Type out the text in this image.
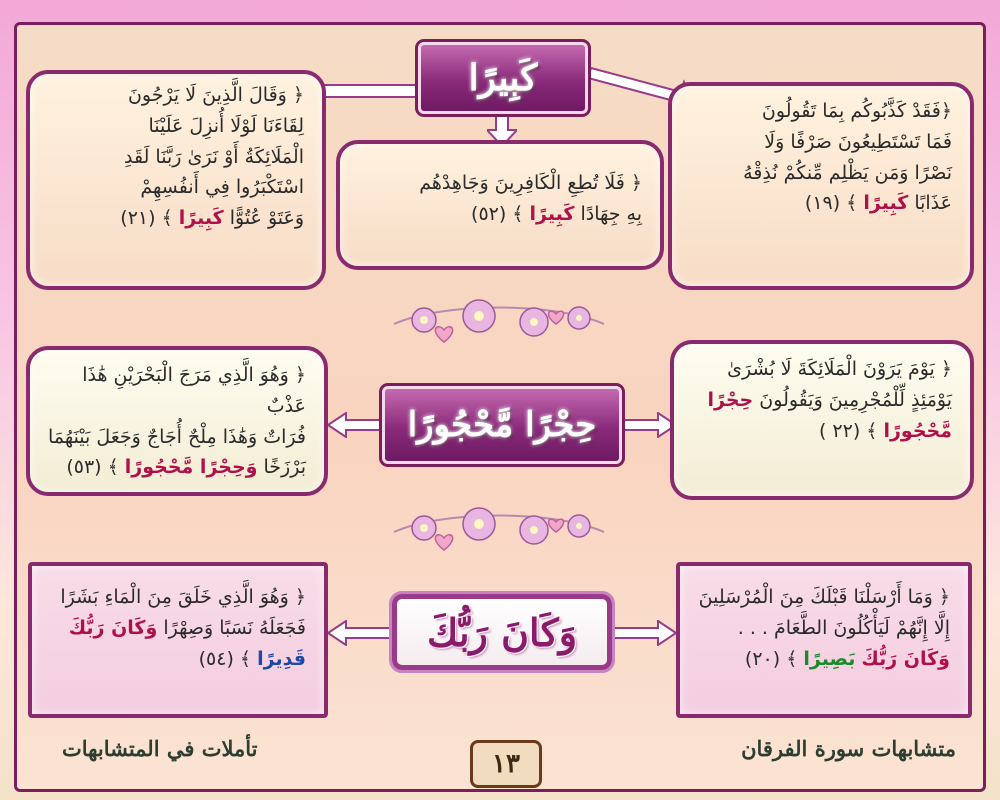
كَبِيرًا
﴿فَقَدْ كَذَّبُوكُم بِمَا تَقُولُونَ
فَمَا تَسْتَطِيعُونَ صَرْفًا وَلَا
نَصْرًا وَمَن يَظْلِم مِّنكُمْ نُذِقْهُ
عَذَابًا كَبِيرًا ﴾ (١٩)
﴿ فَلَا تُطِعِ الْكَافِرِينَ وَجَاهِدْهُم
بِهِ جِهَادًا كَبِيرًا ﴾ (٥٢)
﴿ وَقَالَ الَّذِينَ لَا يَرْجُونَ
لِقَاءَنَا لَوْلَا أُنزِلَ عَلَيْنَا
الْمَلَائِكَةُ أَوْ نَرَىٰ رَبَّنَا لَقَدِ
اسْتَكْبَرُوا فِي أَنفُسِهِمْ
وَعَتَوْ عُتُوًّا كَبِيرًا ﴾ (٢١)
حِجْرًا مَّحْجُورًا
﴿ يَوْمَ يَرَوْنَ الْمَلَائِكَةَ لَا بُشْرَىٰ
يَوْمَئِذٍ لِّلْمُجْرِمِينَ وَيَقُولُونَ حِجْرًا
مَّحْجُورًا ﴾ (٢٢ )
﴿ وَهُوَ الَّذِي مَرَجَ الْبَحْرَيْنِ هَٰذَا عَذْبٌ
فُرَاتٌ وَهَٰذَا مِلْحٌ أُجَاجٌ وَجَعَلَ بَيْنَهُمَا
بَرْزَخًا وَحِجْرًا مَّحْجُورًا ﴾ (٥٣)
وَكَانَ رَبُّكَ
﴿ وَمَا أَرْسَلْنَا قَبْلَكَ مِنَ الْمُرْسَلِينَ
إِلَّا إِنَّهُمْ لَيَأْكُلُونَ الطَّعَامَ . . .
وَكَانَ رَبُّكَ بَصِيرًا ﴾ (٢٠)
﴿ وَهُوَ الَّذِي خَلَقَ مِنَ الْمَاءِ بَشَرًا
فَجَعَلَهُ نَسَبًا وَصِهْرًا وَكَانَ رَبُّكَ
قَدِيرًا ﴾ (٥٤)
متشابهات سورة الفرقان
تأملات في المتشابهات
١٣
